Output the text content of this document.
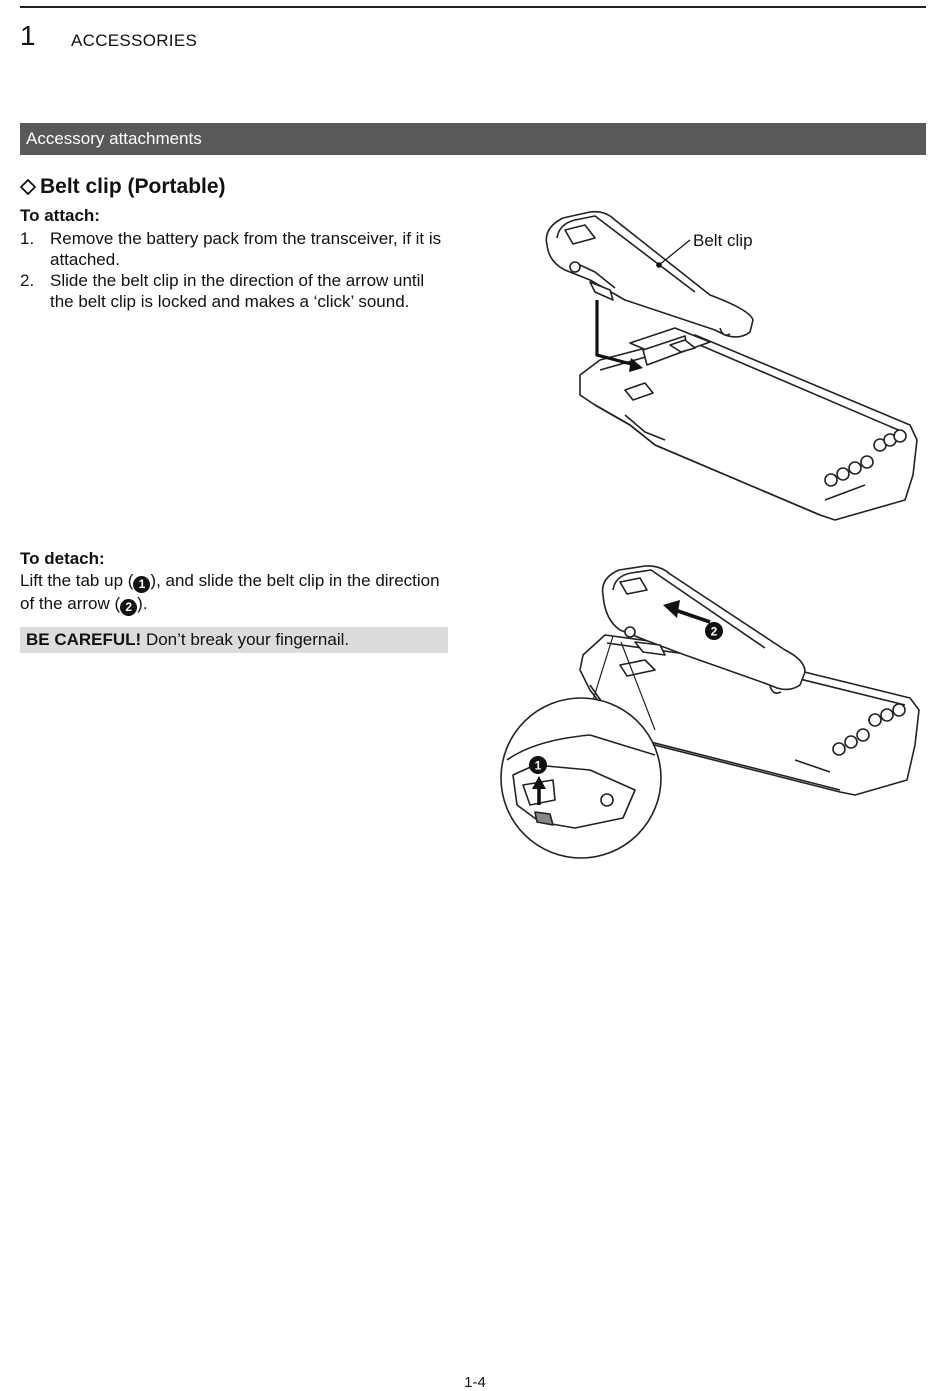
1 ACCESSORIES
Accessory attachments
Belt clip (Portable)
To attach:
1. Remove the battery pack from the transceiver, if it is attached.
2. Slide the belt clip in the direction of the arrow until the belt clip is locked and makes a ‘click’ sound.
To detach:
Lift the tab up ( 1 ), and slide the belt clip in the direction of the arrow ( 2 ).
BE CAREFUL! Don’t break your fingernail.
Belt clip
2
1
1-4
